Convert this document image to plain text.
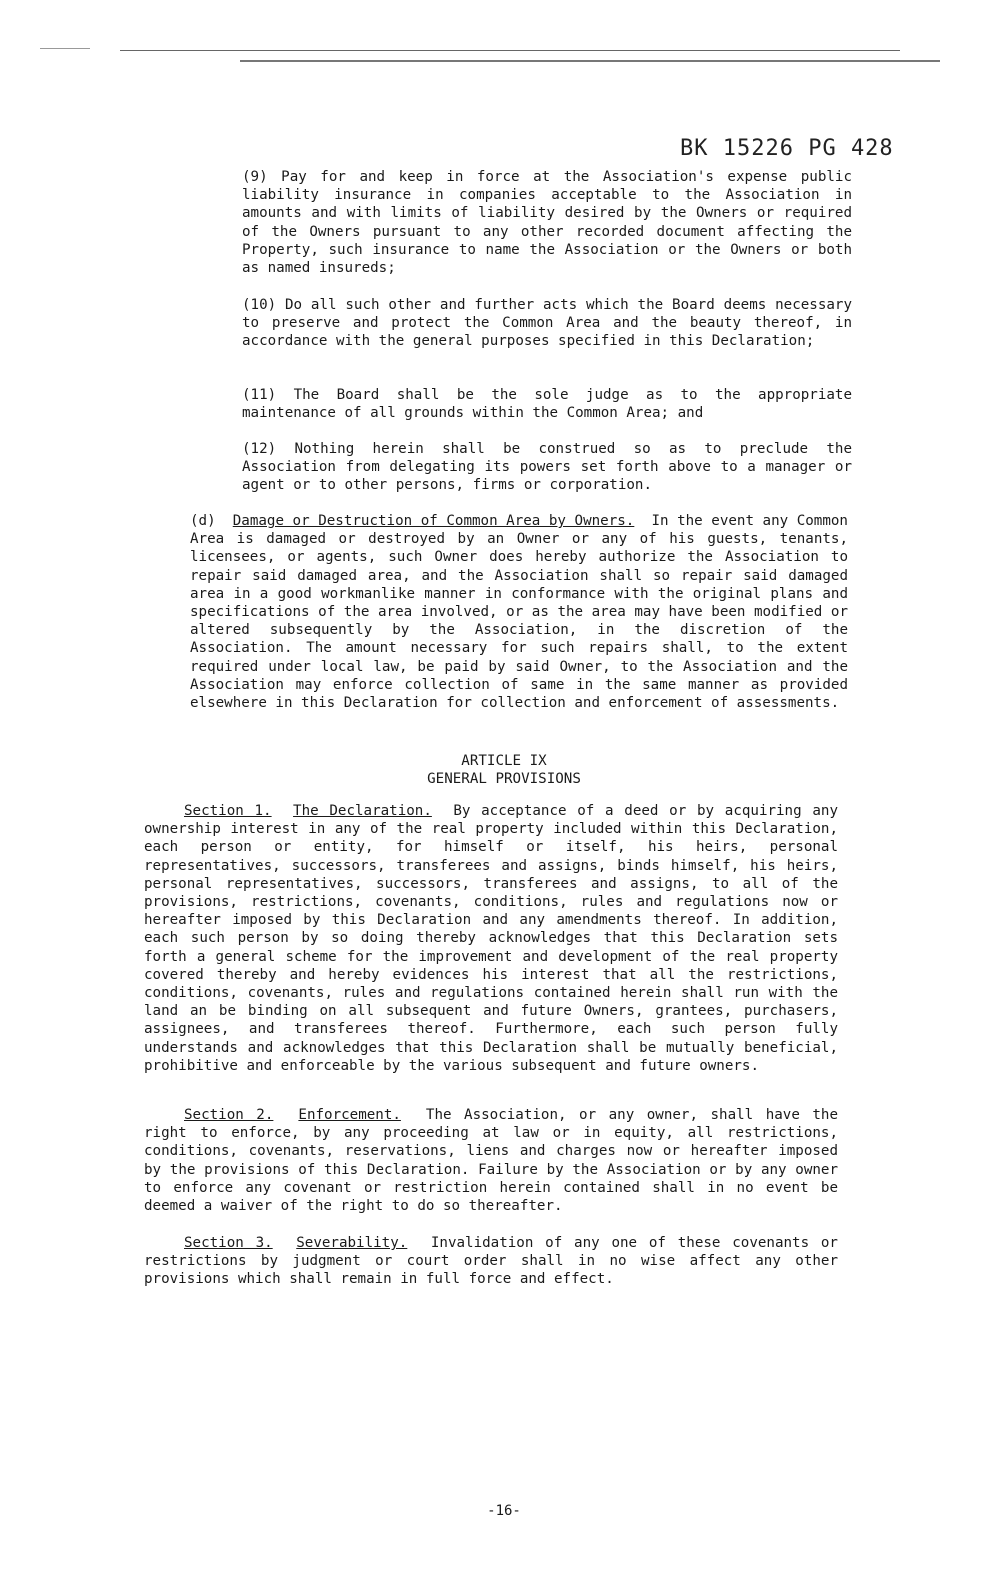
BK 15226 PG 428

(9) Pay for and keep in force at the Association's expense public liability insurance in companies acceptable to the Association in amounts and with limits of liability desired by the Owners or required of the Owners pursuant to any other recorded document affecting the Property, such insurance to name the Association or the Owners or both as named insureds;

(10) Do all such other and further acts which the Board deems necessary to preserve and protect the Common Area and the beauty thereof, in accordance with the general purposes specified in this Declaration;

(11) The Board shall be the sole judge as to the appropriate maintenance of all grounds within the Common Area; and

(12) Nothing herein shall be construed so as to preclude the Association from delegating its powers set forth above to a manager or agent or to other persons, firms or corporation.

(d) Damage or Destruction of Common Area by Owners. In the event any Common Area is damaged or destroyed by an Owner or any of his guests, tenants, licensees, or agents, such Owner does hereby authorize the Association to repair said damaged area, and the Association shall so repair said damaged area in a good workmanlike manner in conformance with the original plans and specifications of the area involved, or as the area may have been modified or altered subsequently by the Association, in the discretion of the Association. The amount necessary for such repairs shall, to the extent required under local law, be paid by said Owner, to the Association and the Association may enforce collection of same in the same manner as provided elsewhere in this Declaration for collection and enforcement of assessments.

ARTICLE IX
GENERAL PROVISIONS

Section 1. The Declaration. By acceptance of a deed or by acquiring any ownership interest in any of the real property included within this Declaration, each person or entity, for himself or itself, his heirs, personal representatives, successors, transferees and assigns, binds himself, his heirs, personal representatives, successors, transferees and assigns, to all of the provisions, restrictions, covenants, conditions, rules and regulations now or hereafter imposed by this Declaration and any amendments thereof. In addition, each such person by so doing thereby acknowledges that this Declaration sets forth a general scheme for the improvement and development of the real property covered thereby and hereby evidences his interest that all the restrictions, conditions, covenants, rules and regulations contained herein shall run with the land an be binding on all subsequent and future Owners, grantees, purchasers, assignees, and transferees thereof. Furthermore, each such person fully understands and acknowledges that this Declaration shall be mutually beneficial, prohibitive and enforceable by the various subsequent and future owners.

Section 2. Enforcement. The Association, or any owner, shall have the right to enforce, by any proceeding at law or in equity, all restrictions, conditions, covenants, reservations, liens and charges now or hereafter imposed by the provisions of this Declaration. Failure by the Association or by any owner to enforce any covenant or restriction herein contained shall in no event be deemed a waiver of the right to do so thereafter.

Section 3. Severability. Invalidation of any one of these covenants or restrictions by judgment or court order shall in no wise affect any other provisions which shall remain in full force and effect.

-16-
